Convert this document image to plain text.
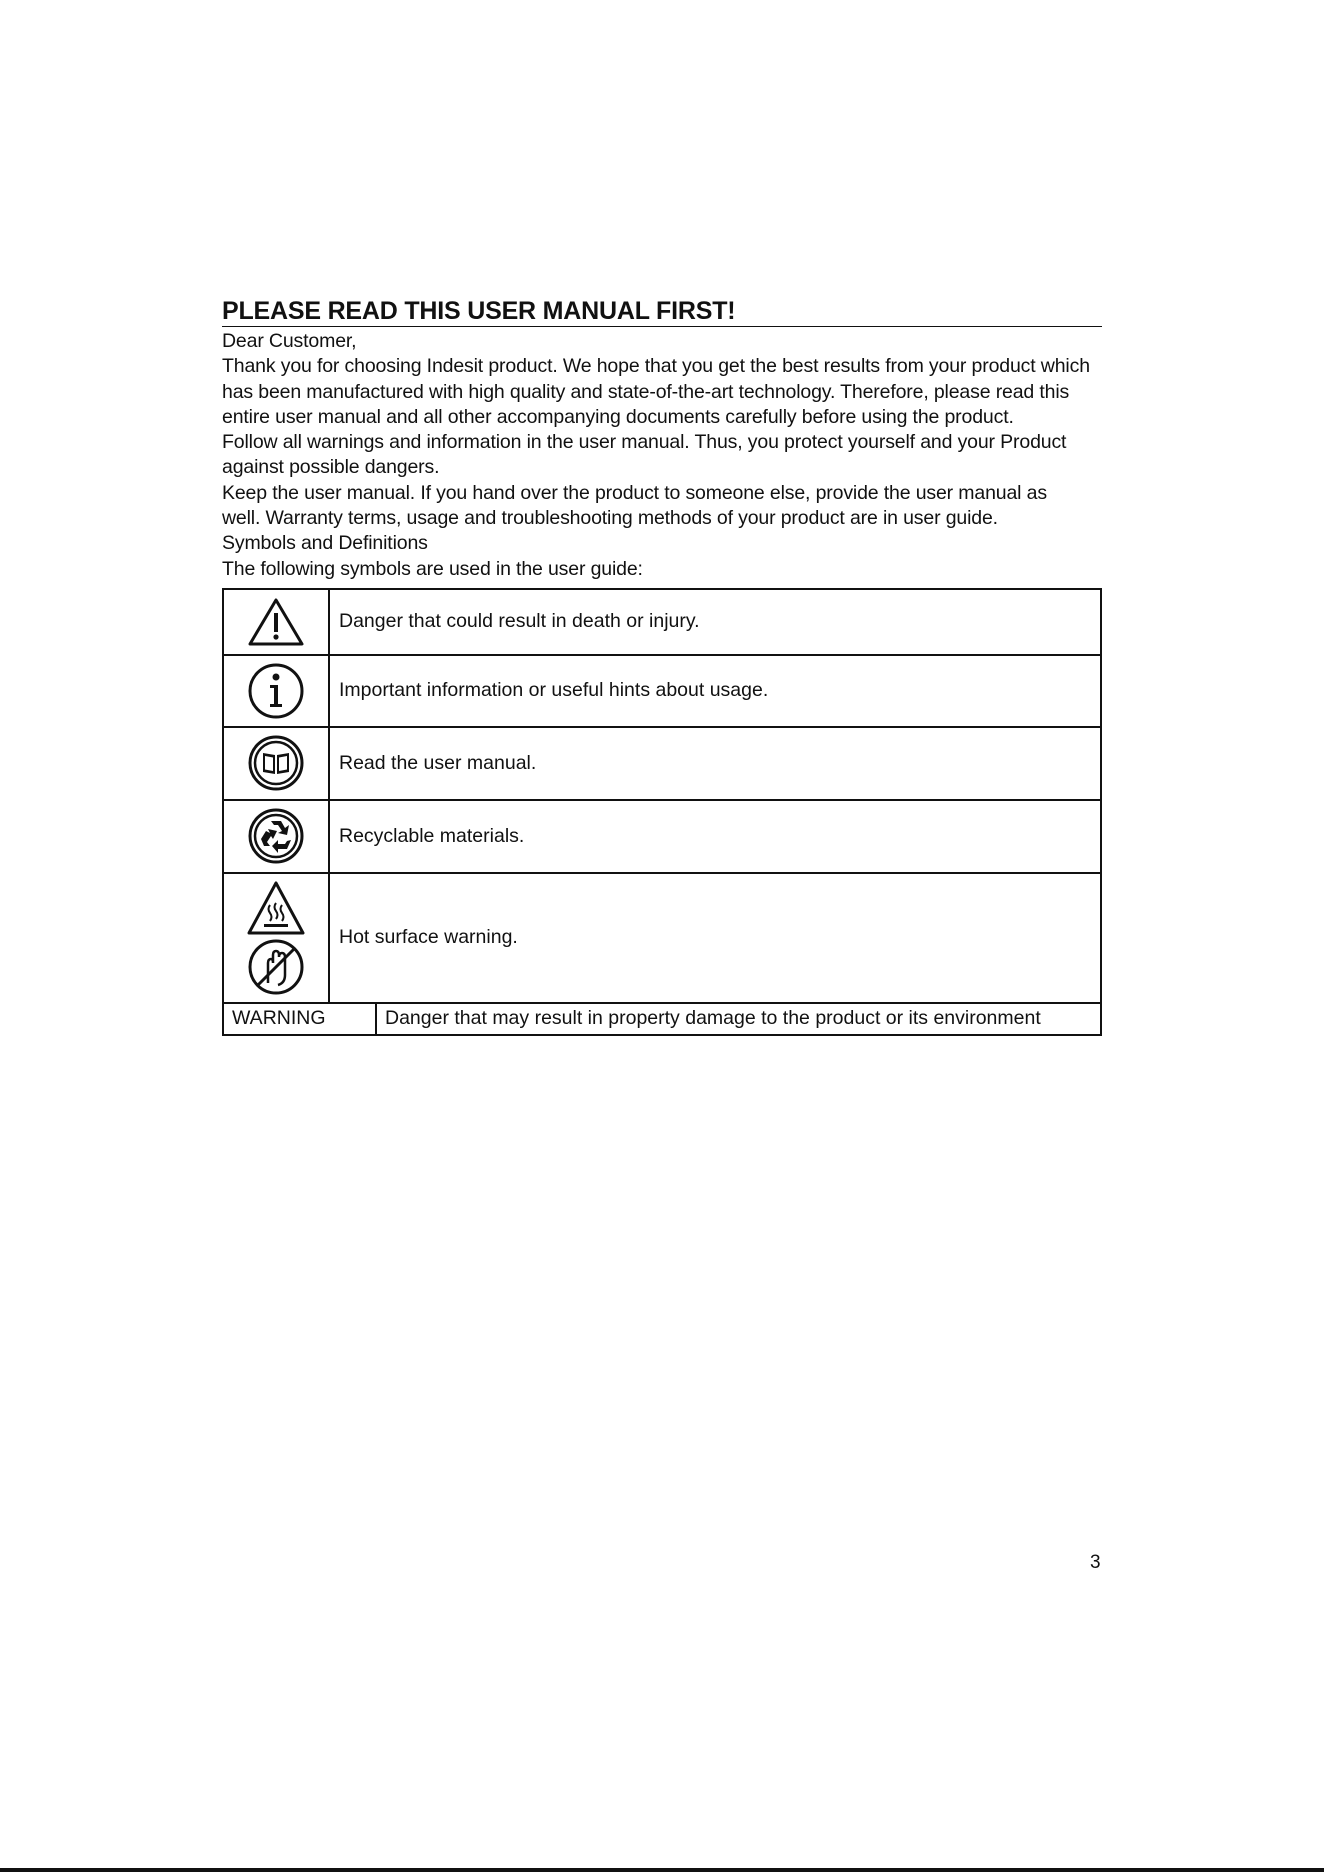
PLEASE READ THIS USER MANUAL FIRST!
Dear Customer,
Thank you for choosing Indesit product. We hope that you get the best results from your product which
has been manufactured with high quality and state-of-the-art technology. Therefore, please read this
entire user manual and all other accompanying documents carefully before using the product.
Follow all warnings and information in the user manual. Thus, you protect yourself and your Product
against possible dangers.
Keep the user manual. If you hand over the product to someone else, provide the user manual as
well. Warranty terms, usage and troubleshooting methods of your product are in user guide.
Symbols and Definitions
The following symbols are used in the user guide:
	Danger that could result in death or injury.

	Important information or useful hints about usage.

	Read the user manual.

	Recyclable materials.

	Hot surface warning.
WARNING	Danger that may result in property damage to the product or its environment
3
